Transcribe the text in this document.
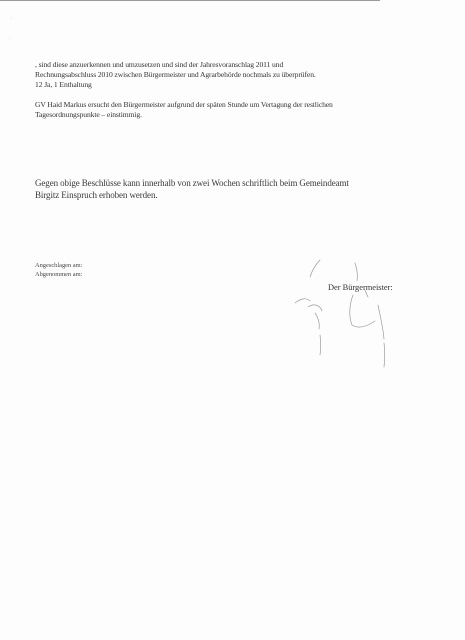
·
·
, sind diese anzuerkennen und umzusetzen und sind der Jahresvoranschlag 2011 und
Rechnungsabschluss 2010 zwischen Bürgermeister und Agrarbehörde nochmals zu überprüfen.
12 Ja, 1 Enthaltung
GV Haid Markus ersucht den Bürgermeister aufgrund der späten Stunde um Vertagung der restlichen
Tagesordnungspunkte – einstimmig.
Gegen obige Beschlüsse kann innerhalb von zwei Wochen schriftlich beim Gemeindeamt
Birgitz Einspruch erhoben werden.
Angeschlagen am:
Abgenommen am:
Der Bürgermeister:
